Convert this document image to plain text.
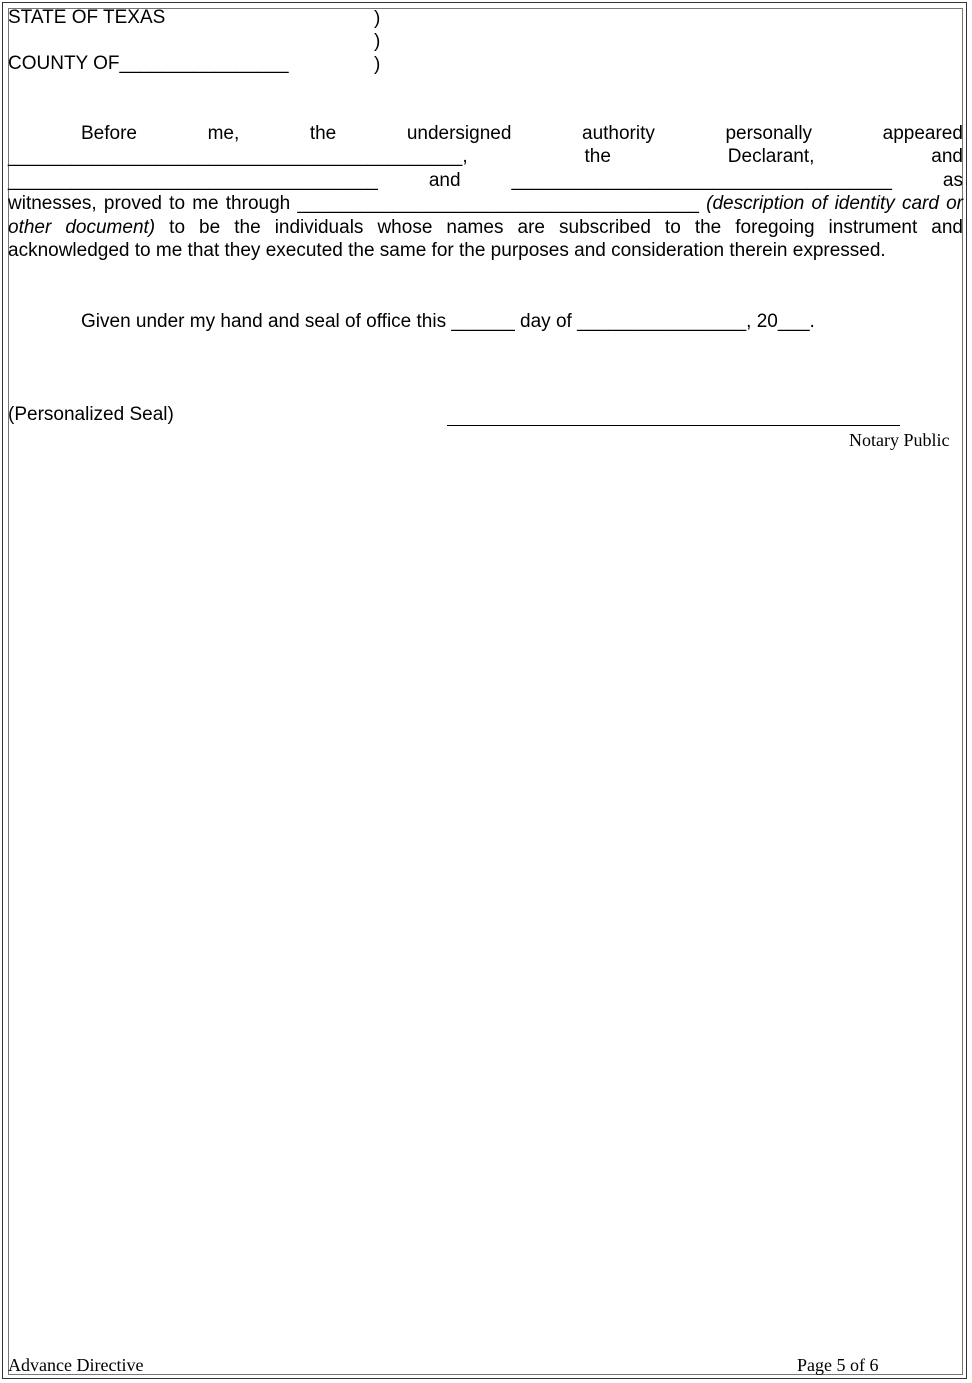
STATE OF TEXAS	)
)
COUNTY OF________________	)
Before	me,	the	undersigned	authority	personally	appeared
___________________________________________,	the	Declarant,	and
___________________________________	and	____________________________________	as
witnesses, proved to me through ______________________________________ (description of identity card or other document) to be the individuals whose names are subscribed to the foregoing instrument and acknowledged to me that they executed the same for the purposes and consideration therein expressed.
Given under my hand and seal of office this ______ day of ________________, 20___.
(Personalized Seal)
Notary Public
Advance Directive	Page 5 of 6
